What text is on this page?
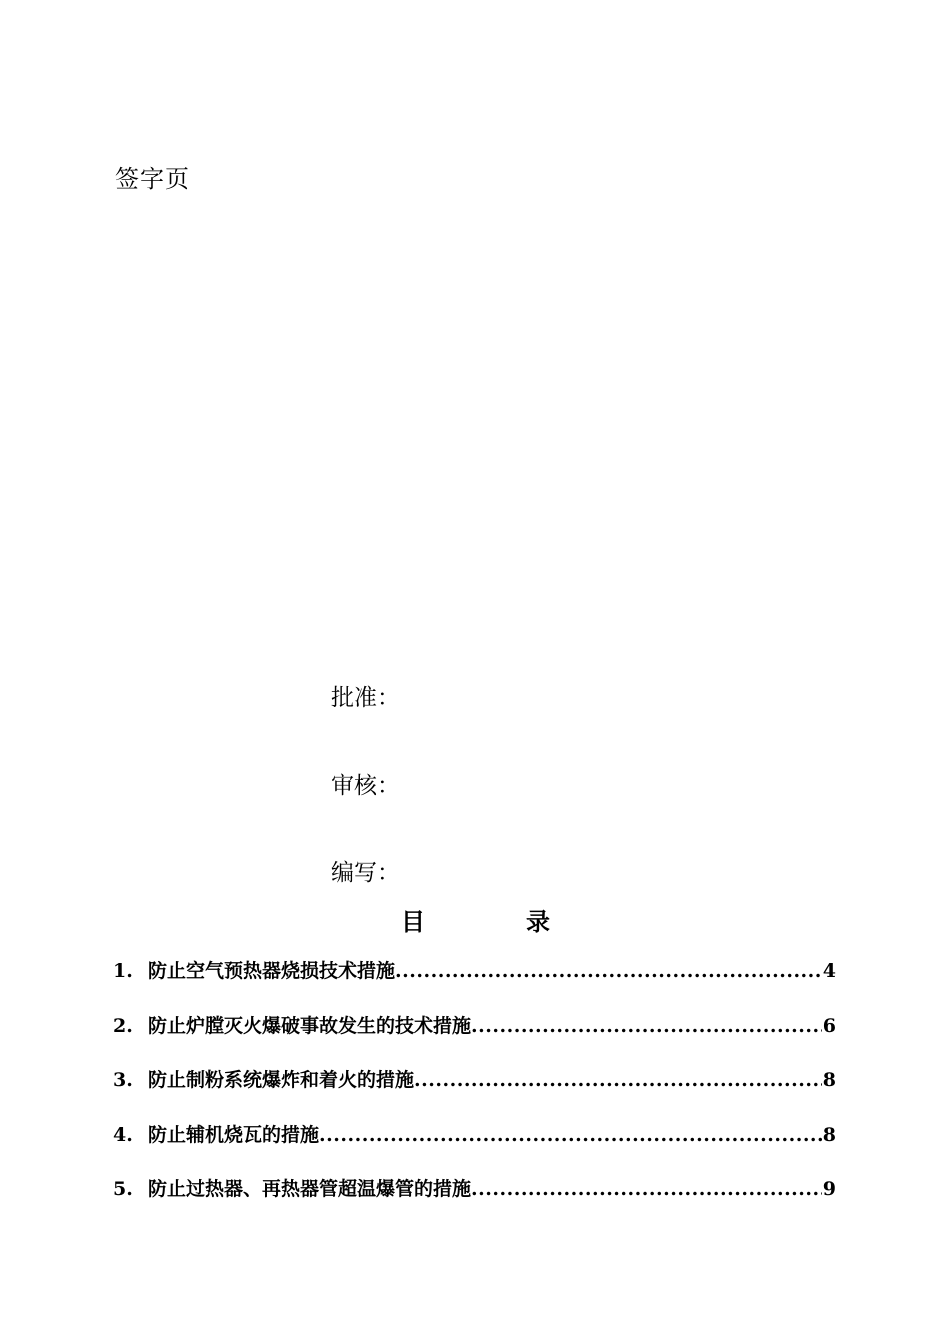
签字页
批准：
审核：
编写：
目	录
1. 防止空气预热器烧损技术措施 .....	4
2. 防止炉膛灭火爆破事故发生的技术措施 .....	6
3. 防止制粉系统爆炸和着火的措施 .....	8
4. 防止辅机烧瓦的措施 .....	8
5. 防止过热器、再热器管超温爆管的措施 .....	9
